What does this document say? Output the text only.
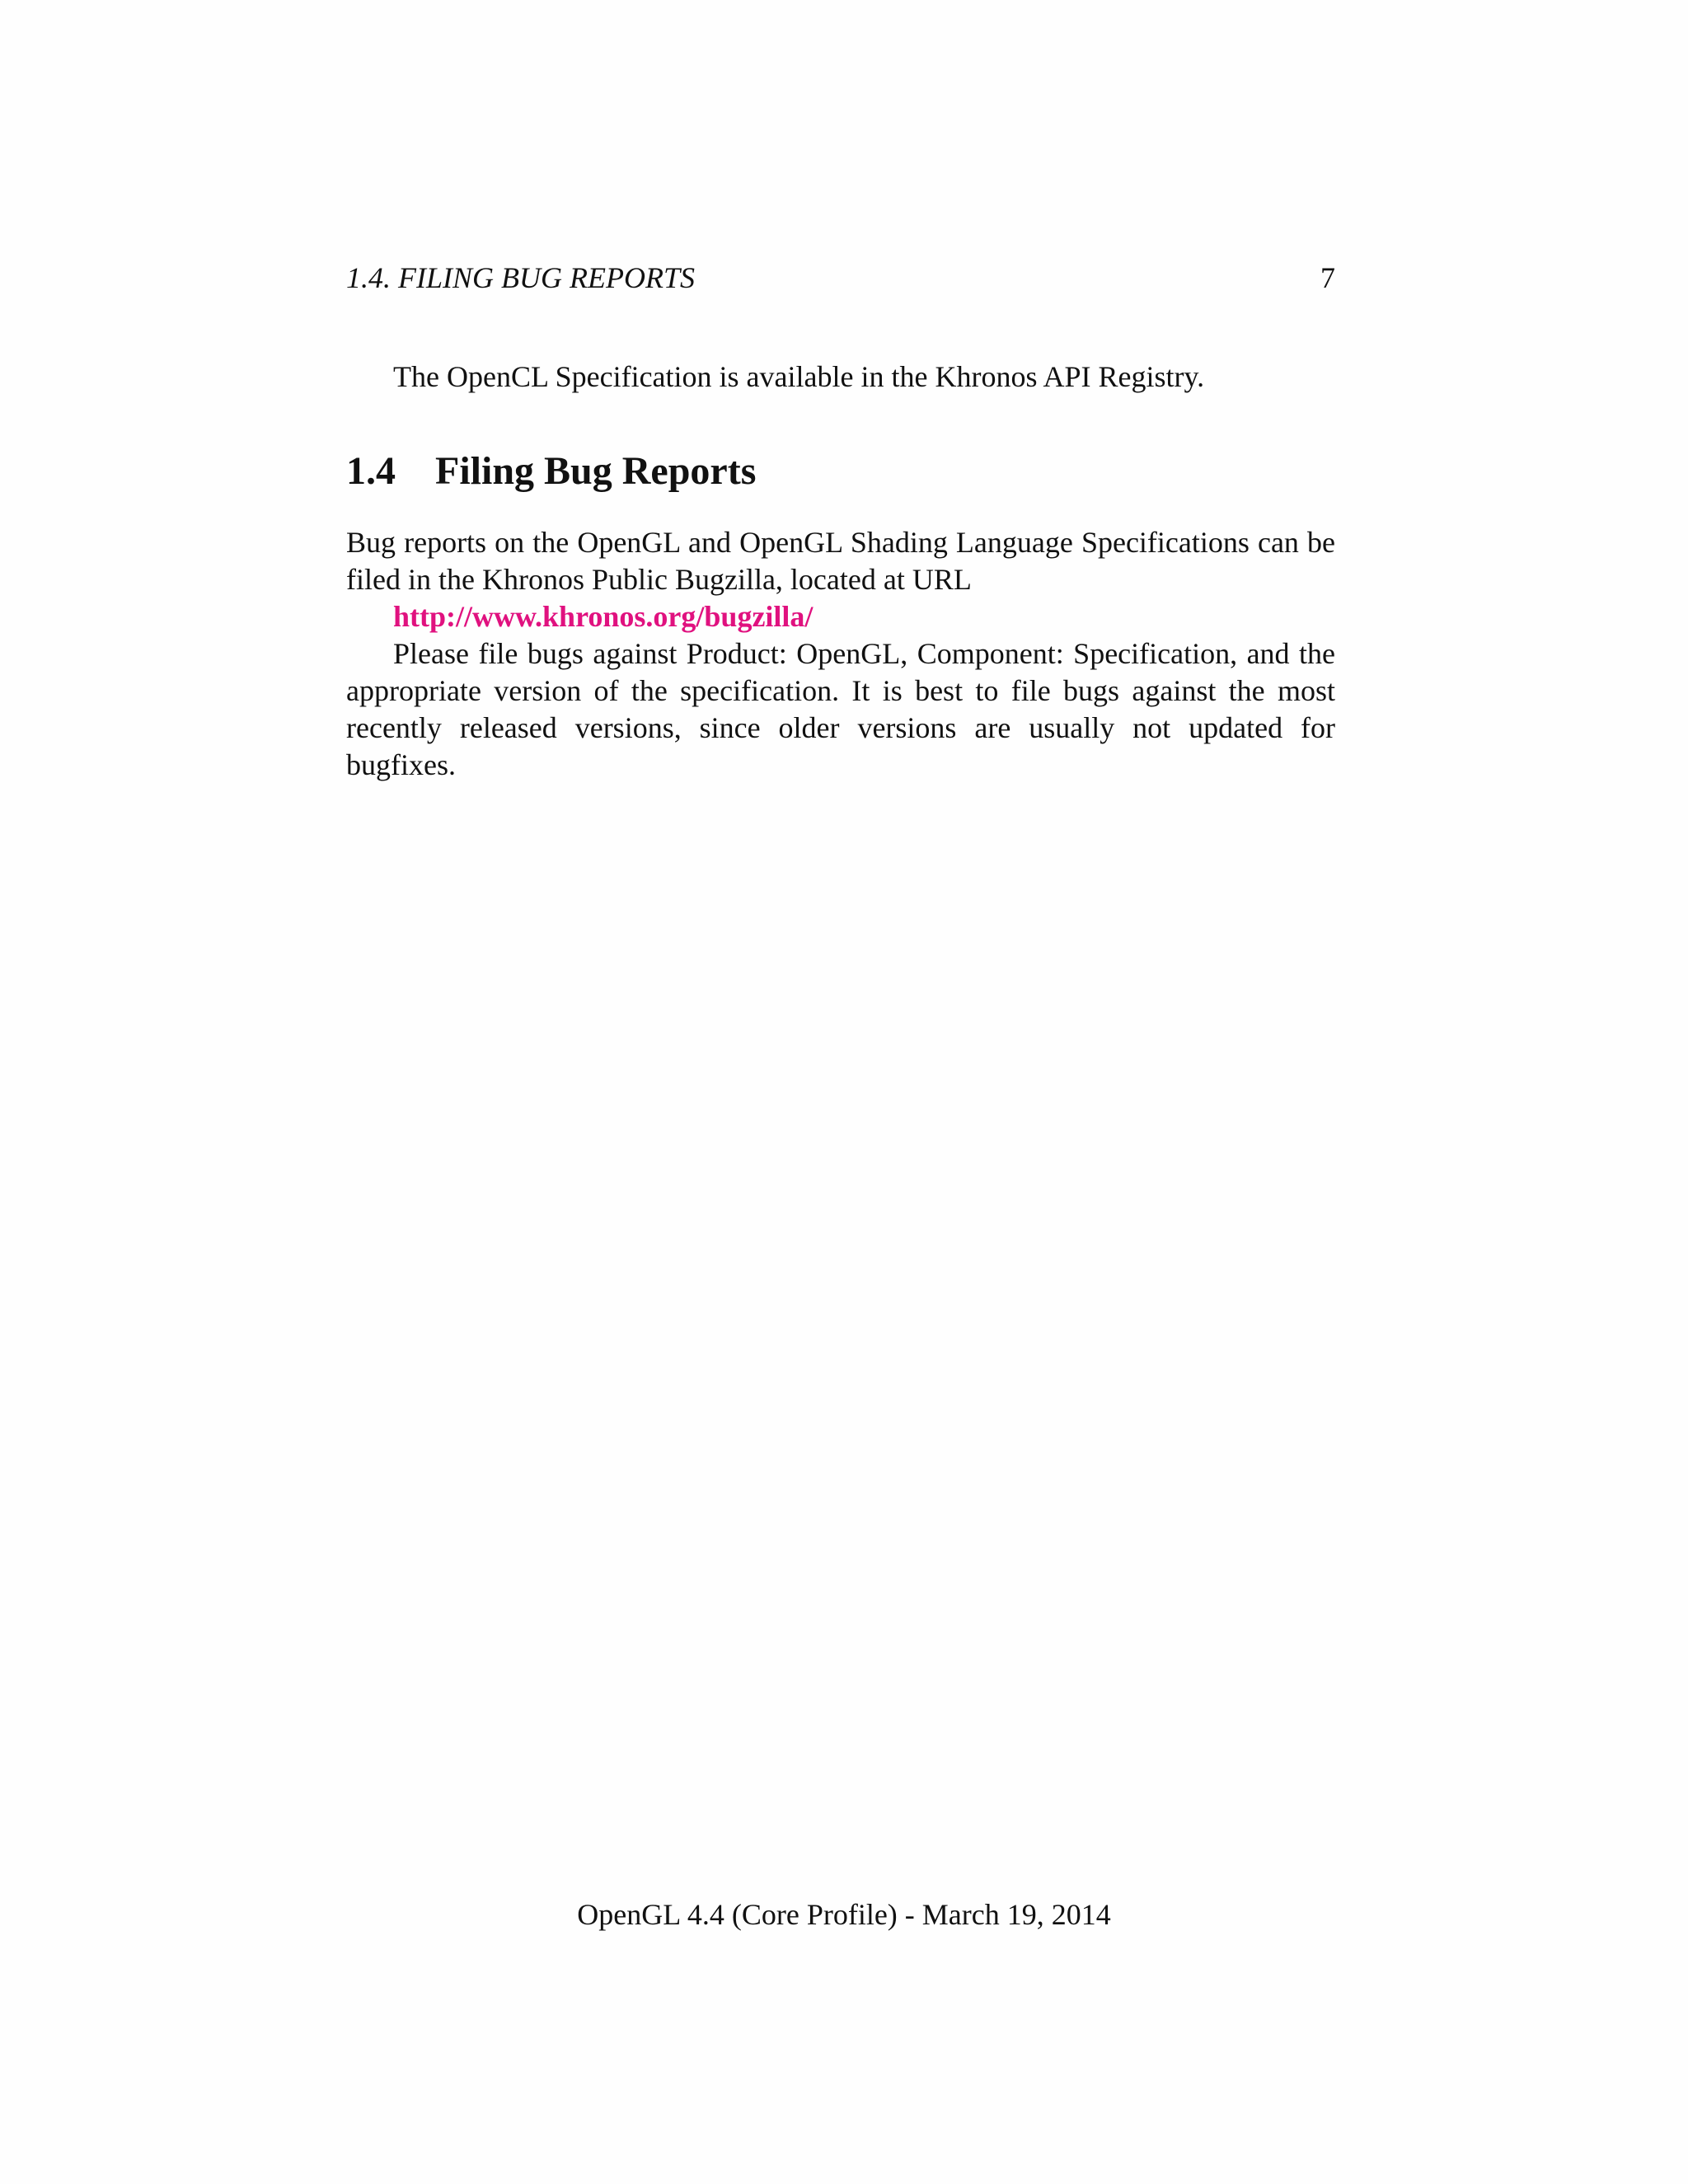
1.4. FILING BUG REPORTS	7

The OpenCL Specification is available in the Khronos API Registry.

1.4 Filing Bug Reports

Bug reports on the OpenGL and OpenGL Shading Language Specifications can be filed in the Khronos Public Bugzilla, located at URL

http://www.khronos.org/bugzilla/

Please file bugs against Product: OpenGL, Component: Specification, and the appropriate version of the specification. It is best to file bugs against the most recently released versions, since older versions are usually not updated for bugfixes.

OpenGL 4.4 (Core Profile) - March 19, 2014
